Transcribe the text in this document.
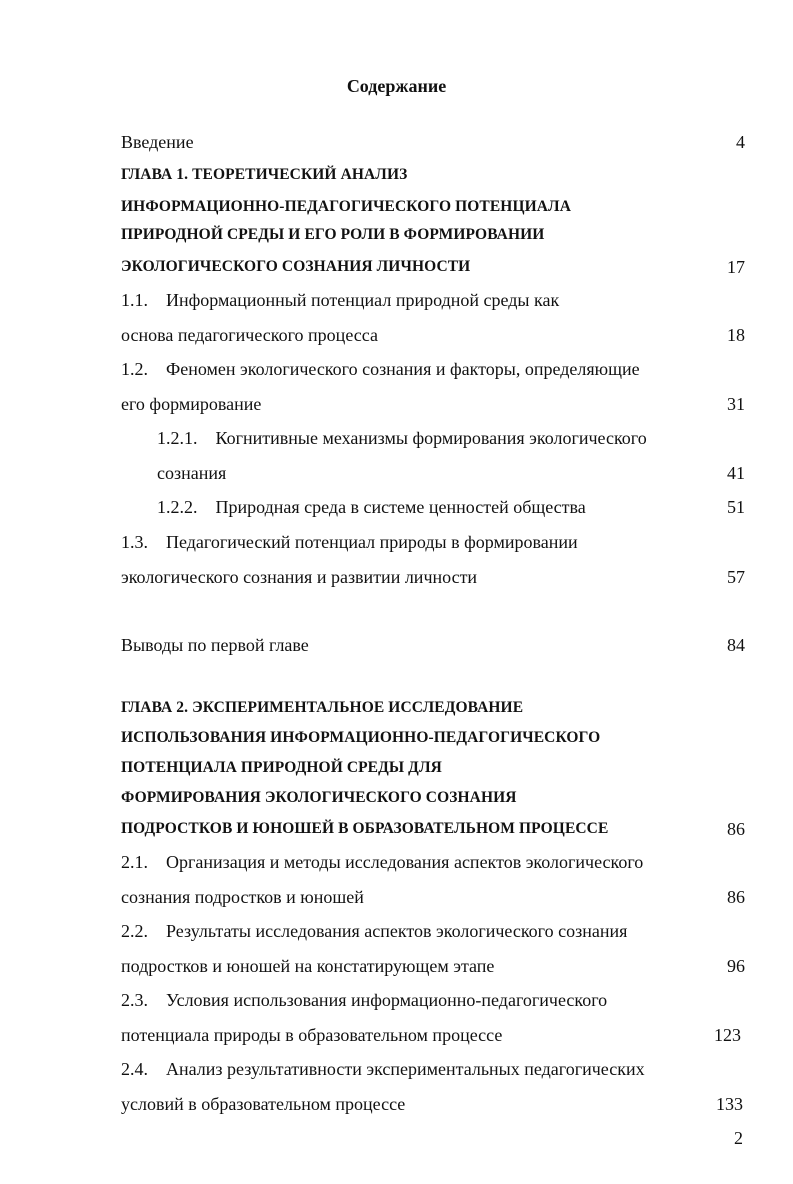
Содержание
Введение	4
ГЛАВА 1. ТЕОРЕТИЧЕСКИЙ АНАЛИЗ
ИНФОРМАЦИОННО-ПЕДАГОГИЧЕСКОГО ПОТЕНЦИАЛА
ПРИРОДНОЙ СРЕДЫ И ЕГО РОЛИ В ФОРМИРОВАНИИ
ЭКОЛОГИЧЕСКОГО СОЗНАНИЯ ЛИЧНОСТИ	17
1.1. Информационный потенциал природной среды как
основа педагогического процесса	18
1.2. Феномен экологического сознания и факторы, определяющие
его формирование	31
1.2.1. Когнитивные механизмы формирования экологического
сознания	41
1.2.2. Природная среда в системе ценностей общества	51
1.3. Педагогический потенциал природы в формировании
экологического сознания и развитии личности	57
Выводы по первой главе	84
ГЛАВА 2. ЭКСПЕРИМЕНТАЛЬНОЕ ИССЛЕДОВАНИЕ
ИСПОЛЬЗОВАНИЯ ИНФОРМАЦИОННО-ПЕДАГОГИЧЕСКОГО
ПОТЕНЦИАЛА ПРИРОДНОЙ СРЕДЫ ДЛЯ
ФОРМИРОВАНИЯ ЭКОЛОГИЧЕСКОГО СОЗНАНИЯ
ПОДРОСТКОВ И ЮНОШЕЙ В ОБРАЗОВАТЕЛЬНОМ ПРОЦЕССЕ	86
2.1. Организация и методы исследования аспектов экологического
сознания подростков и юношей	86
2.2. Результаты исследования аспектов экологического сознания
подростков и юношей на констатирующем этапе	96
2.3. Условия использования информационно-педагогического
потенциала природы в образовательном процессе	123
2.4. Анализ результативности экспериментальных педагогических
условий в образовательном процессе	133
2
